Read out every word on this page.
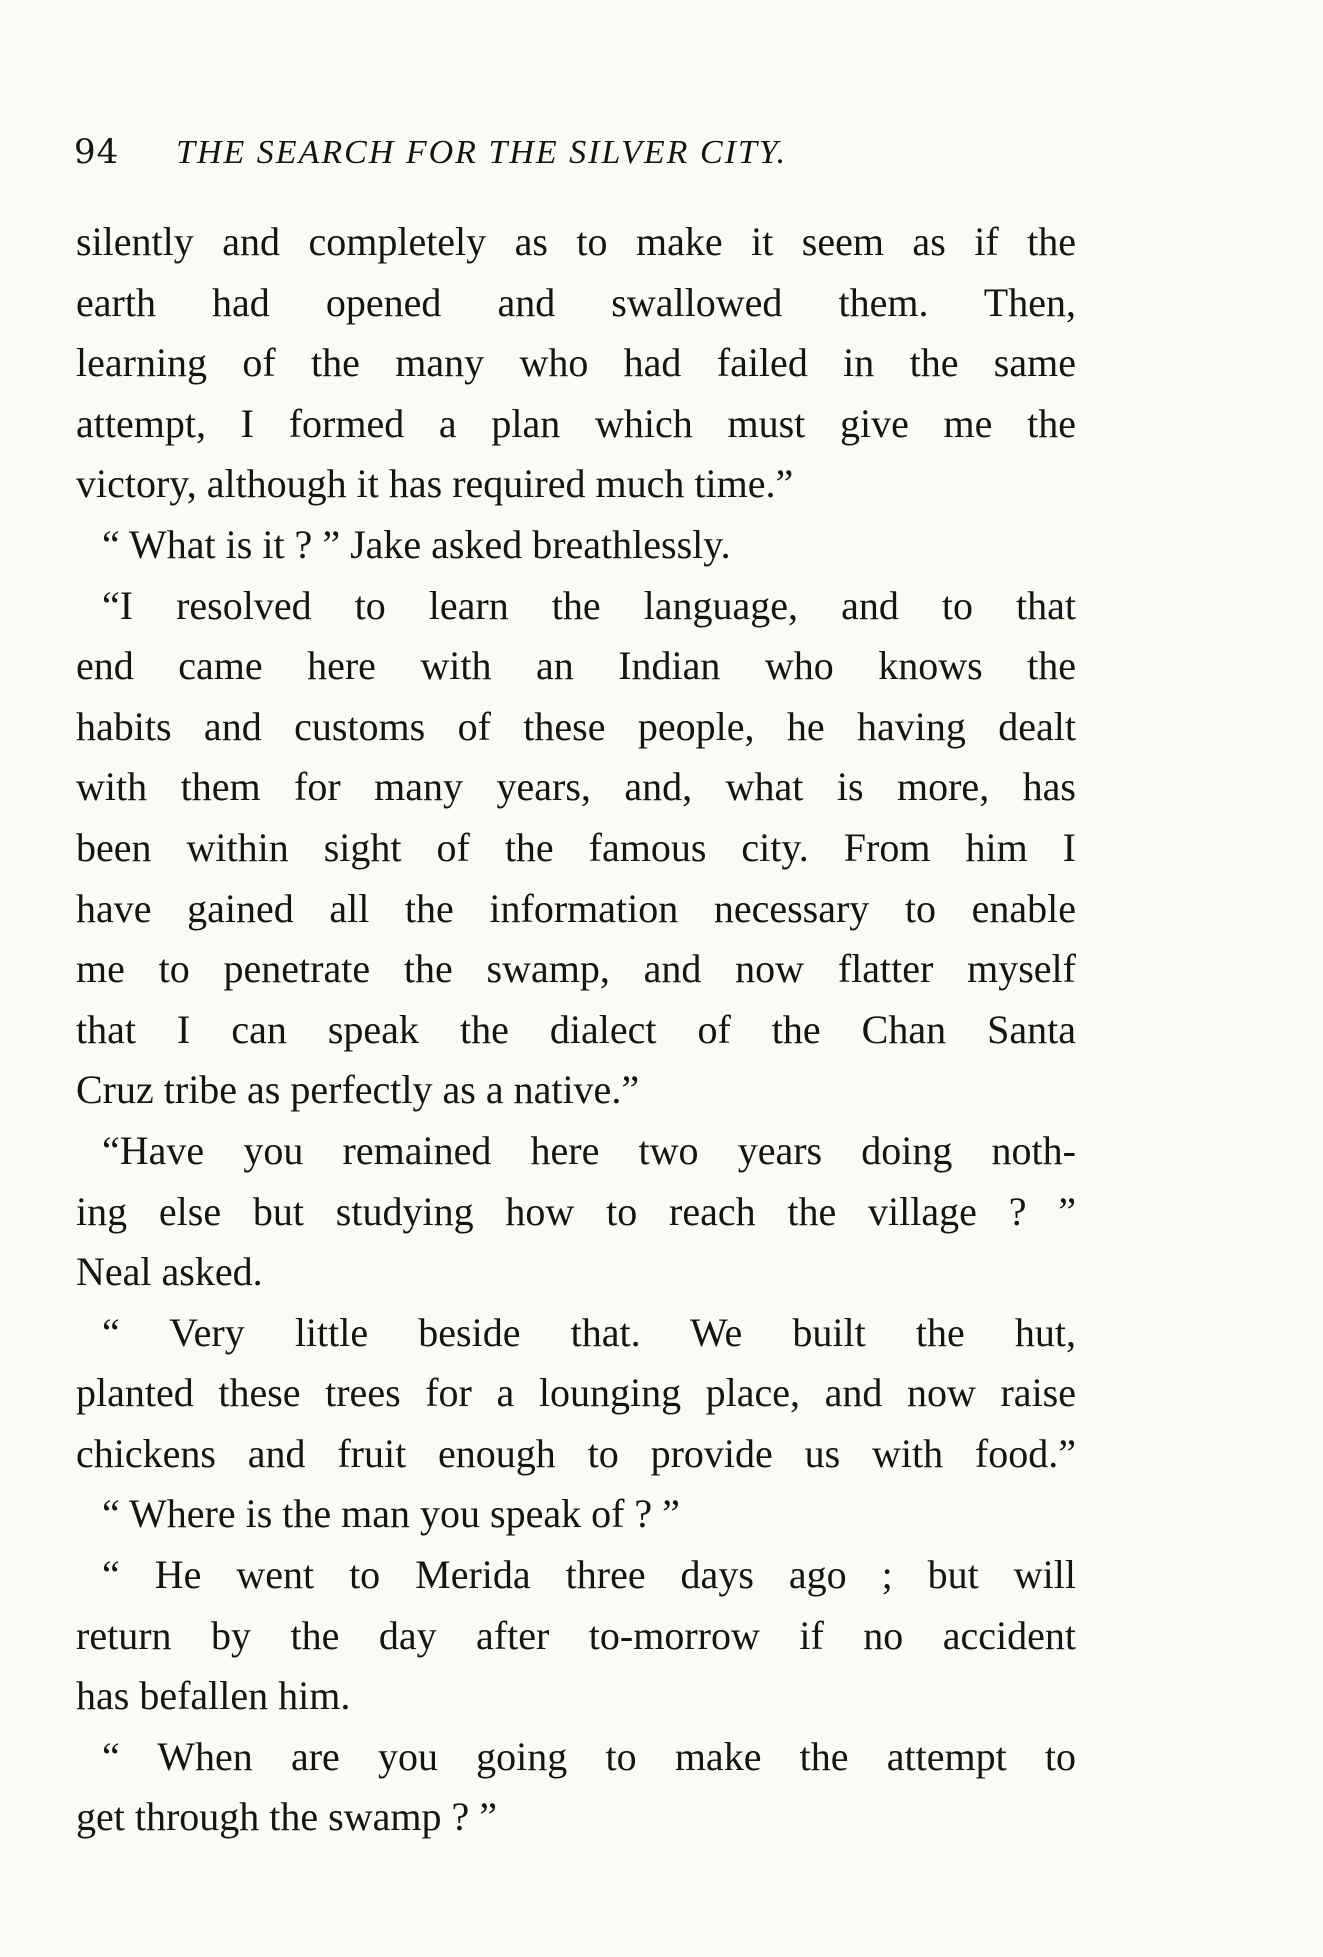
94 THE SEARCH FOR THE SILVER CITY.
silently and completely as to make it seem as if the
earth had opened and swallowed them. Then,
learning of the many who had failed in the same
attempt, I formed a plan which must give me the
victory, although it has required much time.”
“ What is it ? ” Jake asked breathlessly.
“I resolved to learn the language, and to that
end came here with an Indian who knows the
habits and customs of these people, he having dealt
with them for many years, and, what is more, has
been within sight of the famous city. From him I
have gained all the information necessary to enable
me to penetrate the swamp, and now flatter myself
that I can speak the dialect of the Chan Santa
Cruz tribe as perfectly as a native.”
“Have you remained here two years doing noth-
ing else but studying how to reach the village ? ”
Neal asked.
“ Very little beside that. We built the hut,
planted these trees for a lounging place, and now raise
chickens and fruit enough to provide us with food.”
“ Where is the man you speak of ? ”
“ He went to Merida three days ago ; but will
return by the day after to-morrow if no accident
has befallen him.
“ When are you going to make the attempt to
get through the swamp ? ”
